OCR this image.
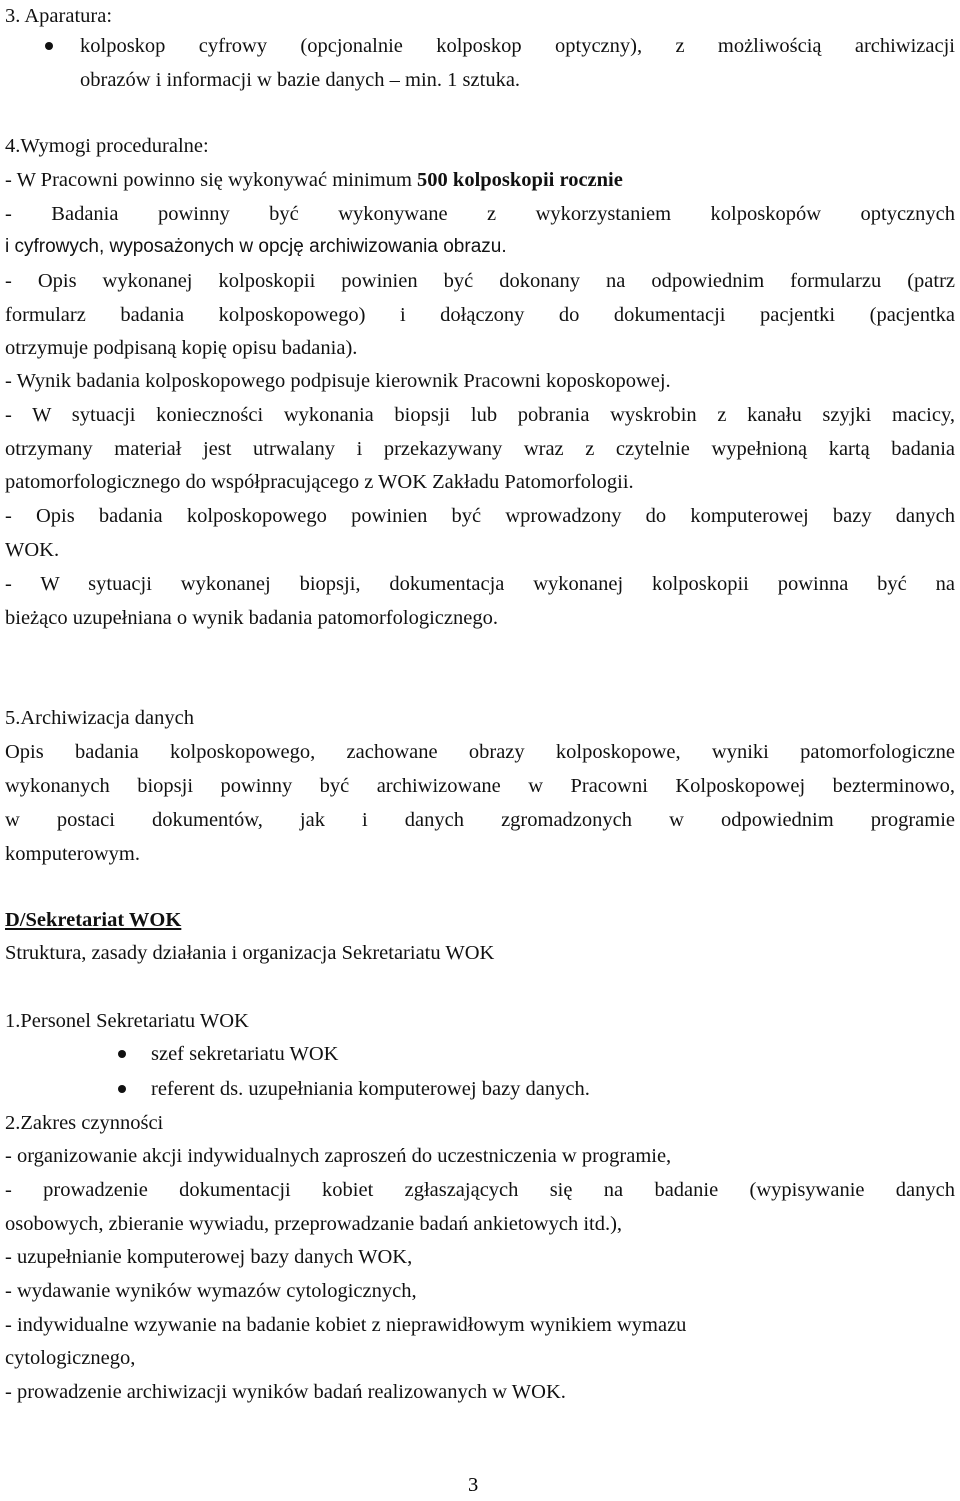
3. Aparatura:
kolposkop cyfrowy (opcjonalnie kolposkop optyczny), z możliwością archiwizacji
obrazów i informacji w bazie danych – min. 1 sztuka.
4.Wymogi proceduralne:
- W Pracowni powinno się wykonywać minimum 500 kolposkopii rocznie
- Badania powinny być wykonywane z wykorzystaniem kolposkopów optycznych
i cyfrowych, wyposażonych w opcję archiwizowania obrazu.
- Opis wykonanej kolposkopii powinien być dokonany na odpowiednim formularzu (patrz
formularz badania kolposkopowego) i dołączony do dokumentacji pacjentki (pacjentka
otrzymuje podpisaną kopię opisu badania).
- Wynik badania kolposkopowego podpisuje kierownik Pracowni koposkopowej.
- W sytuacji konieczności wykonania biopsji lub pobrania wyskrobin z kanału szyjki macicy,
otrzymany materiał jest utrwalany i przekazywany wraz z czytelnie wypełnioną kartą badania
patomorfologicznego do współpracującego z WOK Zakładu Patomorfologii.
- Opis badania kolposkopowego powinien być wprowadzony do komputerowej bazy danych
WOK.
- W sytuacji wykonanej biopsji, dokumentacja wykonanej kolposkopii powinna być na
bieżąco uzupełniana o wynik badania patomorfologicznego.
5.Archiwizacja danych
Opis badania kolposkopowego, zachowane obrazy kolposkopowe, wyniki patomorfologiczne
wykonanych biopsji powinny być archiwizowane w Pracowni Kolposkopowej bezterminowo,
w postaci dokumentów, jak i danych zgromadzonych w odpowiednim programie
komputerowym.
D/Sekretariat WOK
Struktura, zasady działania i organizacja Sekretariatu WOK
1.Personel Sekretariatu WOK
szef sekretariatu WOK
referent ds. uzupełniania komputerowej bazy danych.
2.Zakres czynności
- organizowanie akcji indywidualnych zaproszeń do uczestniczenia w programie,
- prowadzenie dokumentacji kobiet zgłaszających się na badanie (wypisywanie danych
osobowych, zbieranie wywiadu, przeprowadzanie badań ankietowych itd.),
- uzupełnianie komputerowej bazy danych WOK,
- wydawanie wyników wymazów cytologicznych,
- indywidualne wzywanie na badanie kobiet z nieprawidłowym wynikiem wymazu
cytologicznego,
- prowadzenie archiwizacji wyników badań realizowanych w WOK.
3
